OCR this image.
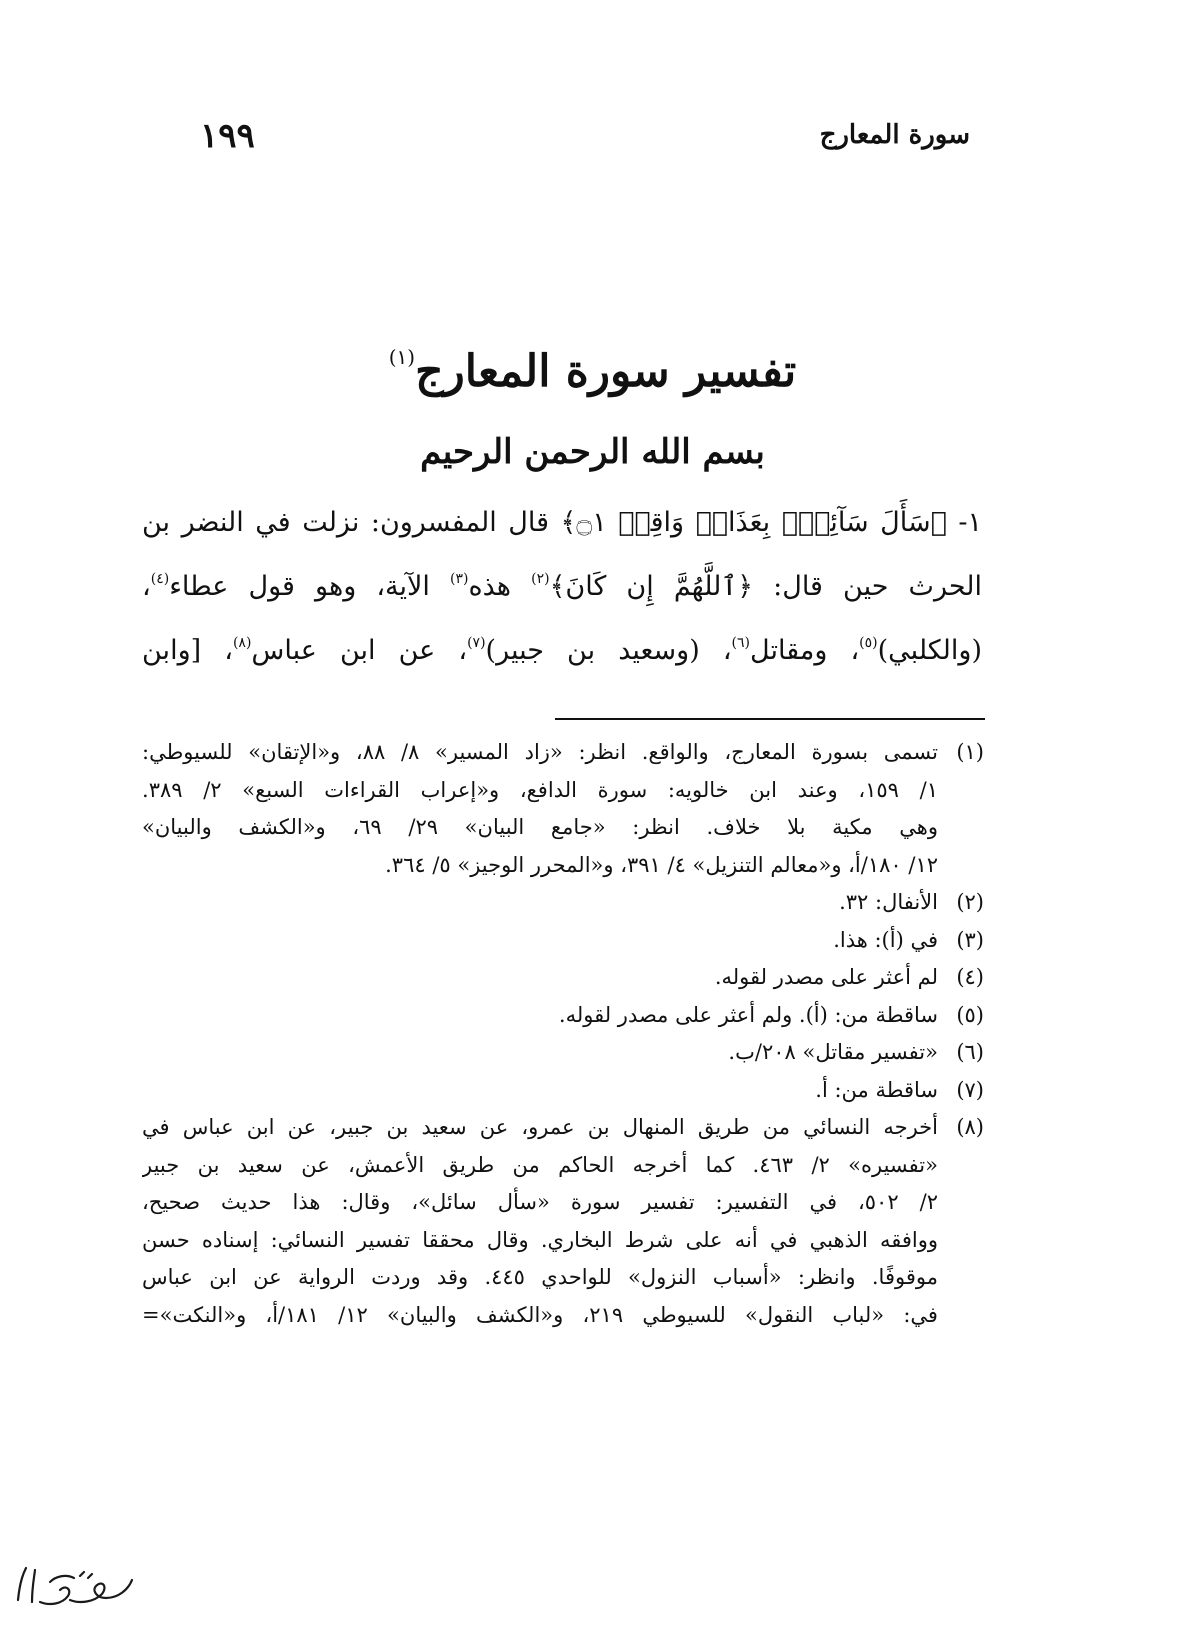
سورة المعارج
١٩٩
تفسير سورة المعارج$^{(١)}$
بسم الله الرحمن الرحيم
١- ﴿سَأَلَ سَآئِلُۢ بِعَذَابٖ وَاقِعٖ ۝١﴾ قال المفسرون: نزلت في النضر بن
الحرث حين قال: ﴿ٱللَّهُمَّ إِن كَانَ﴾$^{(٢)}$ هذه$^{(٣)}$ الآية، وهو قول عطاء$^{(٤)}$،
(والكلبي)$^{(٥)}$، ومقاتل$^{(٦)}$، (وسعيد بن جبير)$^{(٧)}$، عن ابن عباس$^{(٨)}$، [وابن
(١)
تسمى بسورة المعارج، والواقع. انظر: «زاد المسير» ٨/ ٨٨، و«الإتقان» للسيوطي:
١/ ١٥٩، وعند ابن خالويه: سورة الدافع، و«إعراب القراءات السبع» ٢/ ٣٨٩.
وهي مكية بلا خلاف. انظر: «جامع البيان» ٢٩/ ٦٩، و«الكشف والبيان»
١٢/ ١٨٠/أ، و«معالم التنزيل» ٤/ ٣٩١، و«المحرر الوجيز» ٥/ ٣٦٤.
(٢)
الأنفال: ٣٢.
(٣)
في (أ): هذا.
(٤)
لم أعثر على مصدر لقوله.
(٥)
ساقطة من: (أ). ولم أعثر على مصدر لقوله.
(٦)
«تفسير مقاتل» ٢٠٨/ب.
(٧)
ساقطة من: أ.
(٨)
أخرجه النسائي من طريق المنهال بن عمرو، عن سعيد بن جبير، عن ابن عباس في
«تفسيره» ٢/ ٤٦٣. كما أخرجه الحاكم من طريق الأعمش، عن سعيد بن جبير
٢/ ٥٠٢، في التفسير: تفسير سورة «سأل سائل»، وقال: هذا حديث صحيح،
ووافقه الذهبي في أنه على شرط البخاري. وقال محققا تفسير النسائي: إسناده حسن
موقوفًا. وانظر: «أسباب النزول» للواحدي ٤٤٥. وقد وردت الرواية عن ابن عباس
في: «لباب النقول» للسيوطي ٢١٩، و«الكشف والبيان» ١٢/ ١٨١/أ، و«النكت»=
